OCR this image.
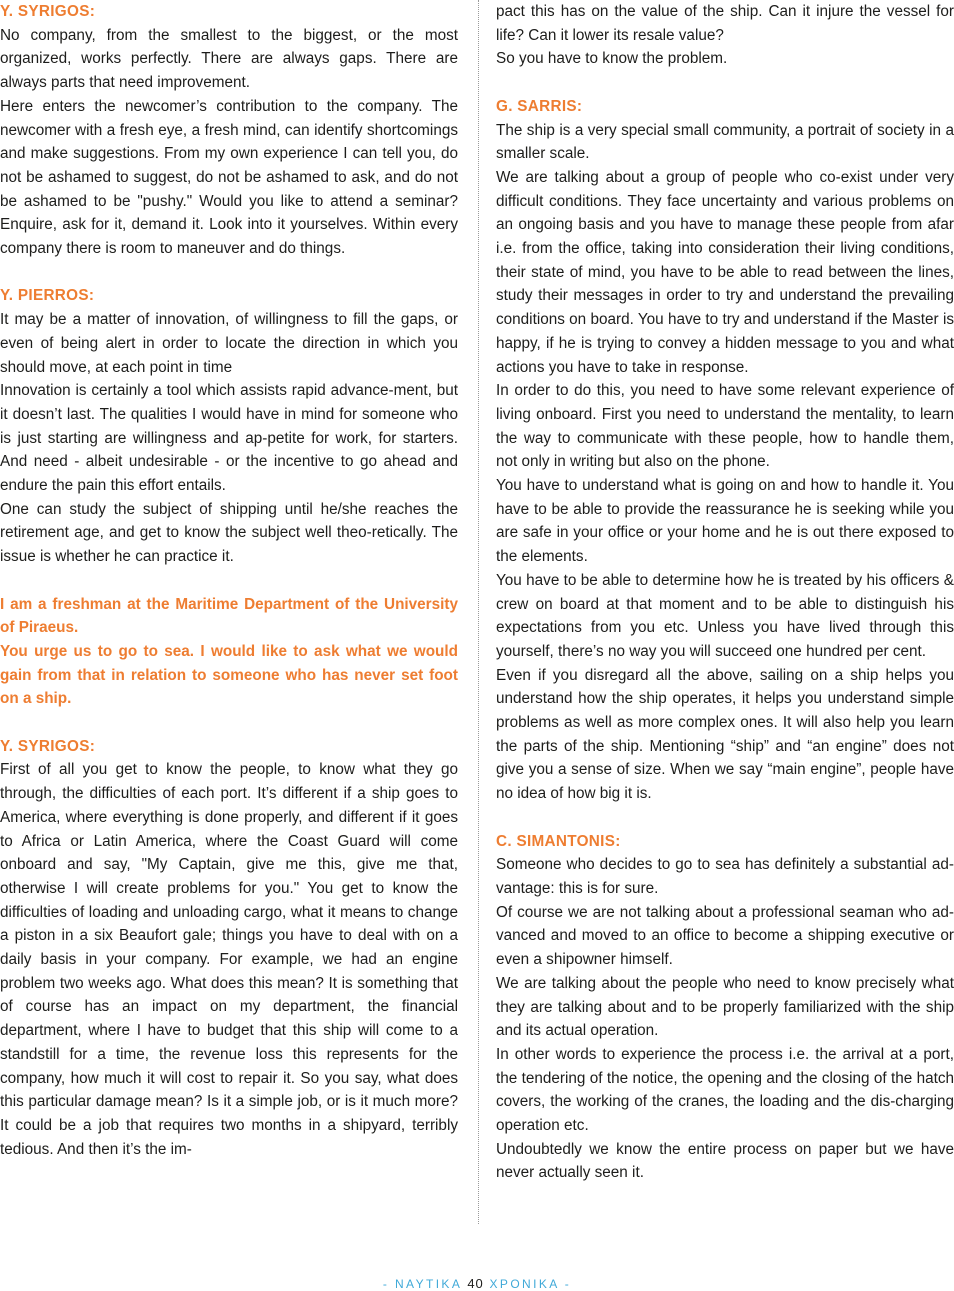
Y. SYRIGOS:

No company, from the smallest to the biggest, or the most organized, works perfectly. There are always gaps. There are always parts that need improvement.

Here enters the newcomer’s contribution to the company. The newcomer with a fresh eye, a fresh mind, can identify shortcomings and make suggestions. From my own experience I can tell you, do not be ashamed to suggest, do not be ashamed to ask, and do not be ashamed to be "pushy." Would you like to attend a seminar? Enquire, ask for it, demand it. Look into it yourselves. Within every company there is room to maneuver and do things.

Y. PIERROS:

It may be a matter of innovation, of willingness to fill the gaps, or even of being alert in order to locate the direction in which you should move, at each point in time

Innovation is certainly a tool which assists rapid advance-ment, but it doesn’t last. The qualities I would have in mind for someone who is just starting are willingness and ap-petite for work, for starters. And need - albeit undesirable - or the incentive to go ahead and endure the pain this effort entails.

One can study the subject of shipping until he/she reaches the retirement age, and get to know the subject well theo-retically. The issue is whether he can practice it.

I am a freshman at the Maritime Department of the University of Piraeus.

You urge us to go to sea. I would like to ask what we would gain from that in relation to someone who has never set foot on a ship.

Y. SYRIGOS:

First of all you get to know the people, to know what they go through, the difficulties of each port. It’s different if a ship goes to America, where everything is done properly, and different if it goes to Africa or Latin America, where the Coast Guard will come onboard and say, "My Captain, give me this, give me that, otherwise I will create problems for you." You get to know the difficulties of loading and unloading cargo, what it means to change a piston in a six Beaufort gale; things you have to deal with on a daily basis in your company. For example, we had an engine problem two weeks ago. What does this mean? It is something that of course has an impact on my department, the financial department, where I have to budget that this ship will come to a standstill for a time, the revenue loss this represents for the company, how much it will cost to repair it. So you say, what does this particular damage mean? Is it a simple job, or is it much more? It could be a job that requires two months in a shipyard, terribly tedious. And then it’s the im-

pact this has on the value of the ship. Can it injure the vessel for life? Can it lower its resale value?

So you have to know the problem.

G. SARRIS:

The ship is a very special small community, a portrait of society in a smaller scale.

We are talking about a group of people who co-exist under very difficult conditions. They face uncertainty and various problems on an ongoing basis and you have to manage these people from afar i.e. from the office, taking into consideration their living conditions, their state of mind, you have to be able to read between the lines, study their messages in order to try and understand the prevailing conditions on board. You have to try and understand if the Master is happy, if he is trying to convey a hidden message to you and what actions you have to take in response.

In order to do this, you need to have some relevant experience of living onboard. First you need to understand the mentality, to learn the way to communicate with these people, how to handle them, not only in writing but also on the phone.

You have to understand what is going on and how to handle it. You have to be able to provide the reassurance he is seeking while you are safe in your office or your home and he is out there exposed to the elements.

You have to be able to determine how he is treated by his officers & crew on board at that moment and to be able to distinguish his expectations from you etc. Unless you have lived through this yourself, there’s no way you will succeed one hundred per cent.

Even if you disregard all the above, sailing on a ship helps you understand how the ship operates, it helps you understand simple problems as well as more complex ones. It will also help you learn the parts of the ship. Mentioning “ship” and “an engine” does not give you a sense of size. When we say “main engine”, people have no idea of how big it is.

C. SIMANTONIS:

Someone who decides to go to sea has definitely a substantial ad-vantage: this is for sure.

Of course we are not talking about a professional seaman who ad-vanced and moved to an office to become a shipping executive or even a shipowner himself.

We are talking about the people who need to know precisely what they are talking about and to be properly familiarized with the ship and its actual operation.

In other words to experience the process i.e. the arrival at a port, the tendering of the notice, the opening and the closing of the hatch covers, the working of the cranes, the loading and the dis-charging operation etc.

Undoubtedly we know the entire process on paper but we have never actually seen it.

- ΝΑΥΤΙΚΑ 40 ΧΡΟΝΙΚΑ -
